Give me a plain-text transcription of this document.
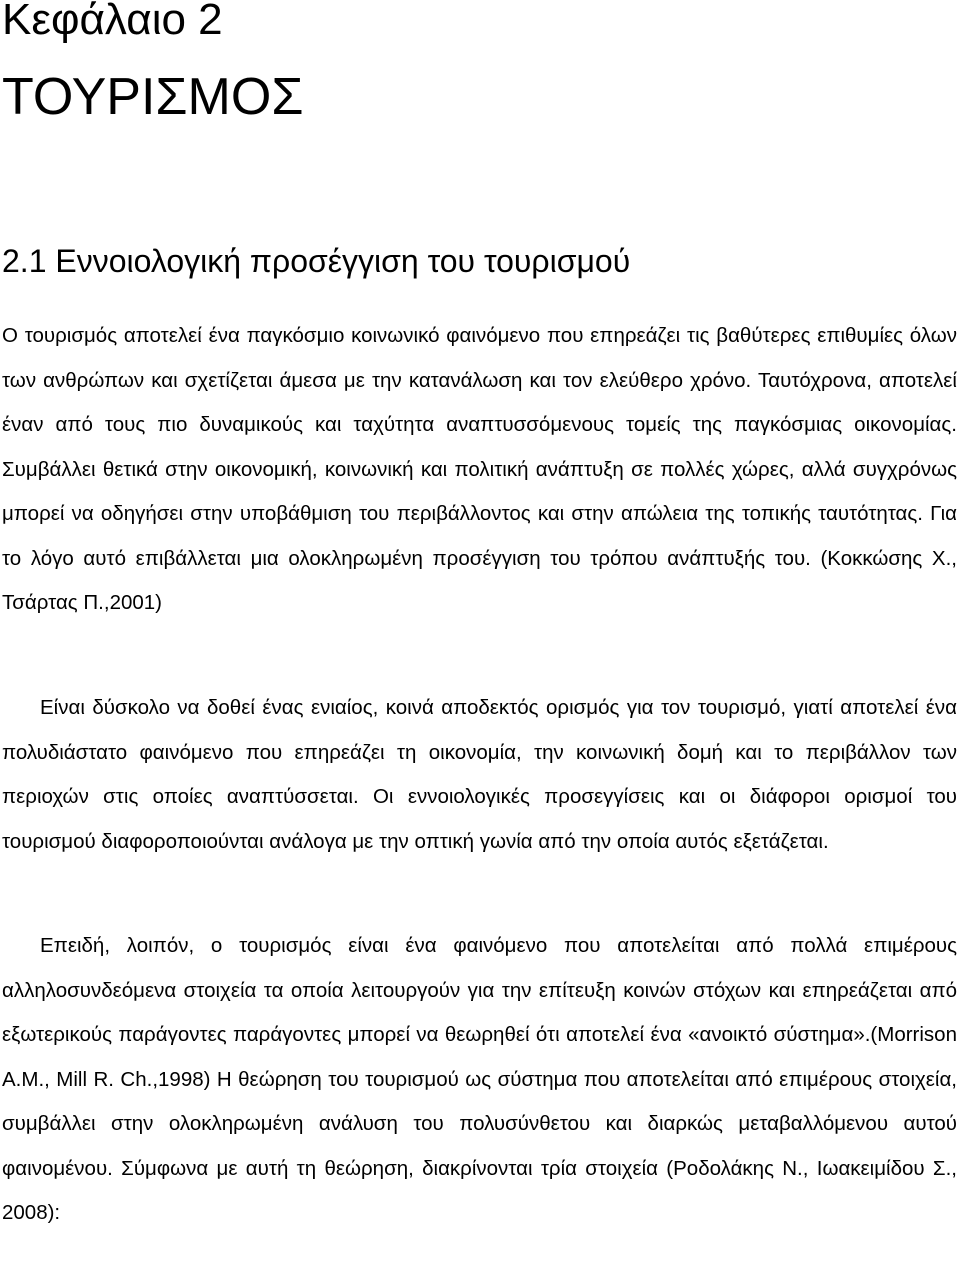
Κεφάλαιο 2
ΤΟΥΡΙΣΜΟΣ
2.1 Εννοιολογική προσέγγιση του τουρισμού

Ο τουρισμός αποτελεί ένα παγκόσμιο κοινωνικό φαινόμενο που επηρεάζει τις βαθύτερες επιθυμίες όλων των ανθρώπων και σχετίζεται άμεσα με την κατανάλωση και τον ελεύθερο χρόνο. Ταυτόχρονα, αποτελεί έναν από τους πιο δυναμικούς και ταχύτητα αναπτυσσόμενους τομείς της παγκόσμιας οικονομίας. Συμβάλλει θετικά στην οικονομική, κοινωνική και πολιτική ανάπτυξη σε πολλές χώρες, αλλά συγχρόνως μπορεί να οδηγήσει στην υποβάθμιση του περιβάλλοντος και στην απώλεια της τοπικής ταυτότητας. Για το λόγο αυτό επιβάλλεται μια ολοκληρωμένη προσέγγιση του τρόπου ανάπτυξής του. (Κοκκώσης Χ., Τσάρτας Π.,2001)

Είναι δύσκολο να δοθεί ένας ενιαίος, κοινά αποδεκτός ορισμός για τον τουρισμό, γιατί αποτελεί ένα πολυδιάστατο φαινόμενο που επηρεάζει τη οικονομία, την κοινωνική δομή και το περιβάλλον των περιοχών στις οποίες αναπτύσσεται. Οι εννοιολογικές προσεγγίσεις και οι διάφοροι ορισμοί του τουρισμού διαφοροποιούνται ανάλογα με την οπτική γωνία από την οποία αυτός εξετάζεται.

Επειδή, λοιπόν, ο τουρισμός είναι ένα φαινόμενο που αποτελείται από πολλά επιμέρους αλληλοσυνδεόμενα στοιχεία τα οποία λειτουργούν για την επίτευξη κοινών στόχων και επηρεάζεται από εξωτερικούς παράγοντες παράγοντες μπορεί να θεωρηθεί ότι αποτελεί ένα «ανοικτό σύστημα».(Morrison A.M., Mill R. Ch.,1998) Η θεώρηση του τουρισμού ως σύστημα που αποτελείται από επιμέρους στοιχεία, συμβάλλει στην ολοκληρωμένη ανάλυση του πολυσύνθετου και διαρκώς μεταβαλλόμενου αυτού φαινομένου. Σύμφωνα με αυτή τη θεώρηση, διακρίνονται τρία στοιχεία (Ροδολάκης Ν., Ιωακειμίδου Σ., 2008):
